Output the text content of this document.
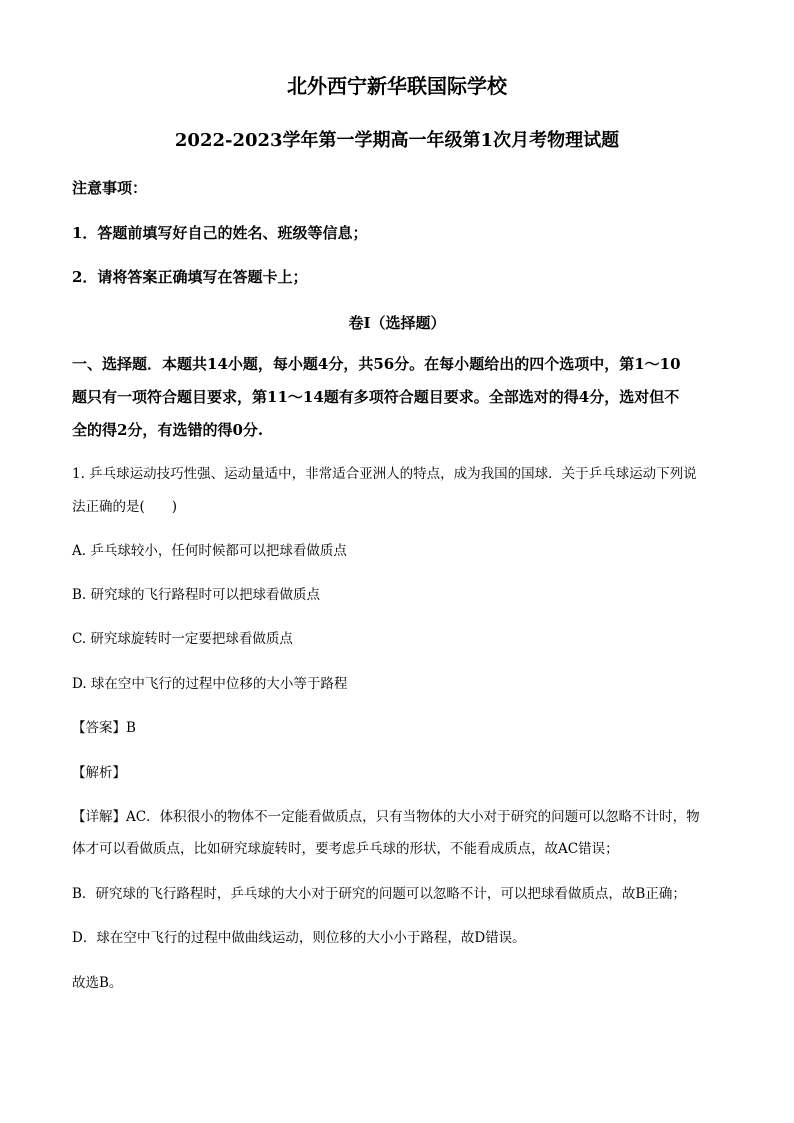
北外西宁新华联国际学校
2022-2023学年第一学期高一年级第1次月考物理试题
注意事项：
1．答题前填写好自己的姓名、班级等信息；
2．请将答案正确填写在答题卡上；
卷I（选择题）
一、选择题．本题共14小题，每小题4分，共56分。在每小题给出的四个选项中，第1～10
题只有一项符合题目要求，第11～14题有多项符合题目要求。全部选对的得4分，选对但不
全的得2分，有选错的得0分.
1. 乒乓球运动技巧性强、运动量适中，非常适合亚洲人的特点，成为我国的国球．关于乒乓球运动下列说
法正确的是(　　)
A. 乒乓球较小，任何时候都可以把球看做质点
B. 研究球的飞行路程时可以把球看做质点
C. 研究球旋转时一定要把球看做质点
D. 球在空中飞行的过程中位移的大小等于路程
【答案】B
【解析】
【详解】AC．体积很小的物体不一定能看做质点，只有当物体的大小对于研究的问题可以忽略不计时，物
体才可以看做质点，比如研究球旋转时，要考虑乒乓球的形状，不能看成质点，故AC错误；
B．研究球的飞行路程时，乒乓球的大小对于研究的问题可以忽略不计，可以把球看做质点，故B正确；
D．球在空中飞行的过程中做曲线运动，则位移的大小小于路程，故D错误。
故选B。
